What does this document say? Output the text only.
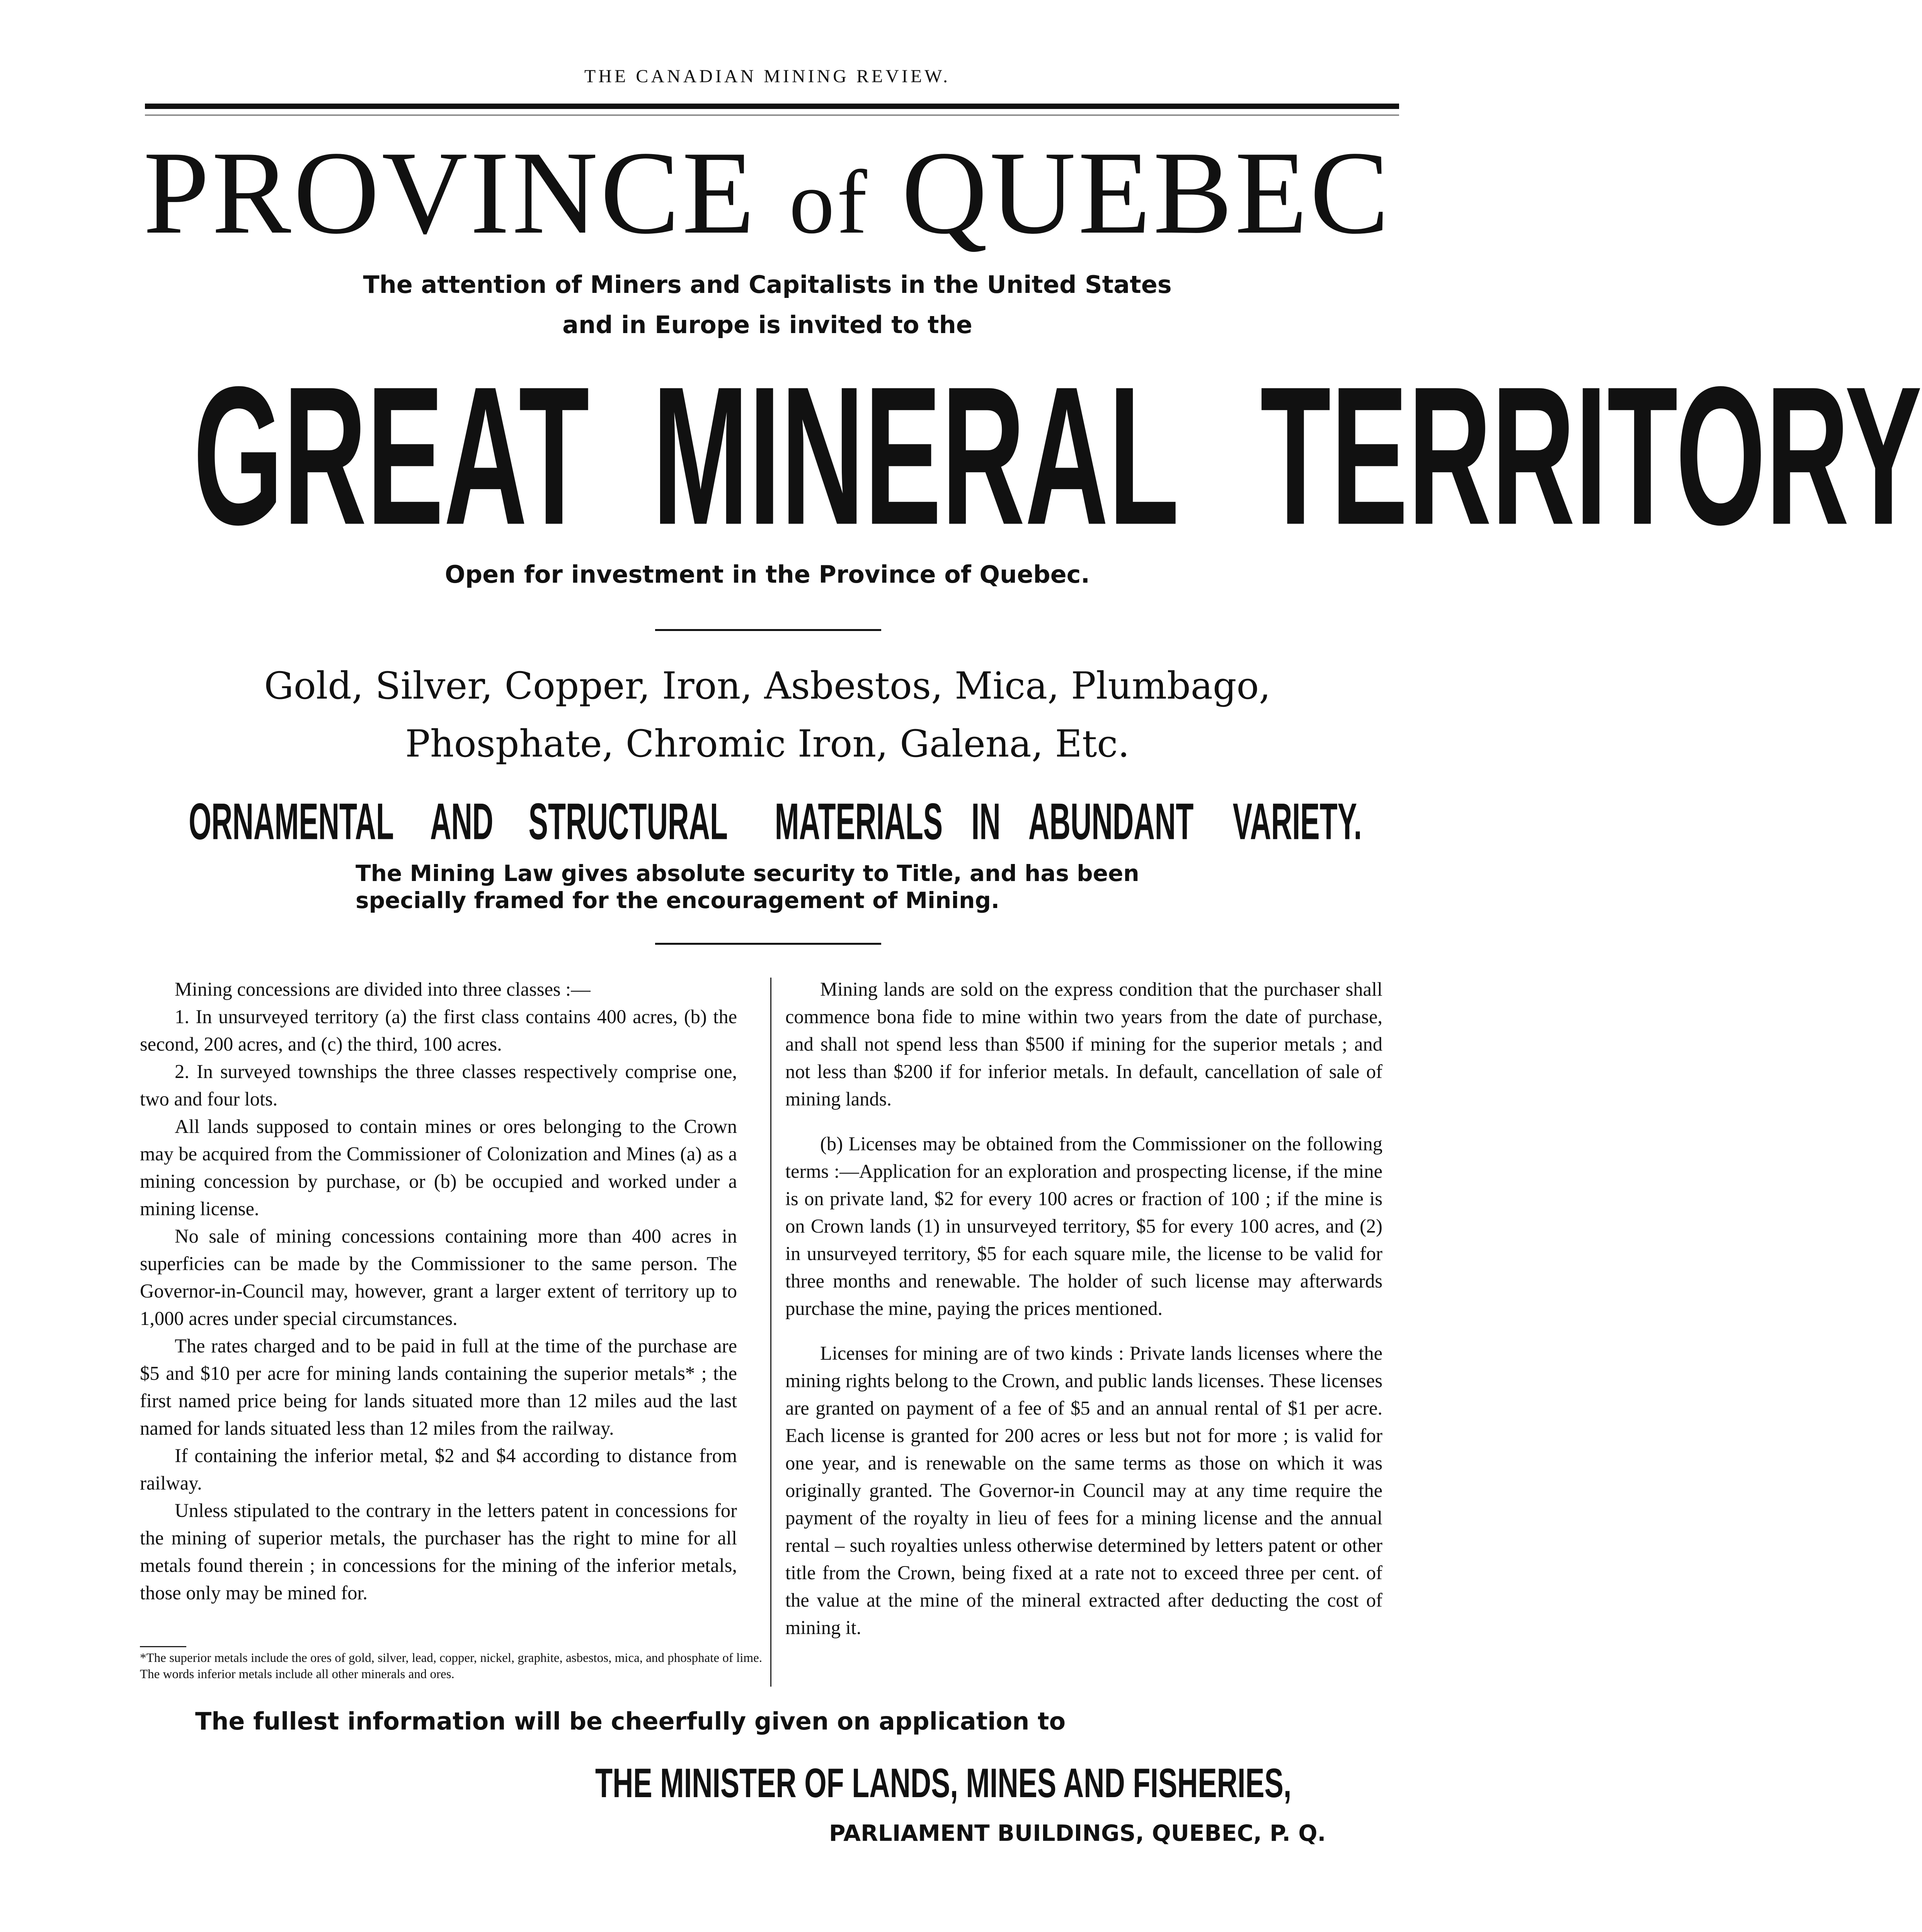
THE CANADIAN MINING REVIEW.
PROVINCE of QUEBEC
The attention of Miners and Capitalists in the United States
and in Europe is invited to the
GREAT MINERAL TERRITORY
Open for investment in the Province of Quebec.
Gold, Silver, Copper, Iron, Asbestos, Mica, Plumbago,
Phosphate, Chromic Iron, Galena, Etc.
ORNAMENTAL AND STRUCTURAL MATERIALS IN ABUNDANT VARIETY.
The Mining Law gives absolute security to Title, and has been
specially framed for the encouragement of Mining.

Mining concessions are divided into three classes :—

1. In unsurveyed territory (a) the first class contains 400 acres, (b) the second, 200 acres, and (c) the third, 100 acres.

2. In surveyed townships the three classes respectively comprise one, two and four lots.

All lands supposed to contain mines or ores belonging to the Crown may be acquired from the Commissioner of Colonization and Mines (a) as a mining concession by purchase, or (b) be occupied and worked under a mining license.

No sale of mining concessions containing more than 400 acres in superficies can be made by the Commissioner to the same person. The Governor-in-Council may, however, grant a larger extent of territory up to 1,000 acres under special circumstances.

The rates charged and to be paid in full at the time of the purchase are $5 and $10 per acre for mining lands containing the superior metals* ; the first named price being for lands situated more than 12 miles aud the last named for lands situated less than 12 miles from the railway.

If containing the inferior metal, $2 and $4 according to distance from railway.

Unless stipulated to the contrary in the letters patent in concessions for the mining of superior metals, the purchaser has the right to mine for all metals found therein ; in concessions for the mining of the inferior metals, those only may be mined for.

Mining lands are sold on the express condition that the purchaser shall commence bona fide to mine within two years from the date of purchase, and shall not spend less than $500 if mining for the superior metals ; and not less than $200 if for inferior metals. In default, cancellation of sale of mining lands.

(b) Licenses may be obtained from the Commissioner on the following terms :—Application for an exploration and prospecting license, if the mine is on private land, $2 for every 100 acres or fraction of 100 ; if the mine is on Crown lands (1) in unsurveyed territory, $5 for every 100 acres, and (2) in unsurveyed territory, $5 for each square mile, the license to be valid for three months and renewable. The holder of such license may afterwards purchase the mine, paying the prices mentioned.

Licenses for mining are of two kinds : Private lands licenses where the mining rights belong to the Crown, and public lands licenses. These licenses are granted on payment of a fee of $5 and an annual rental of $1 per acre. Each license is granted for 200 acres or less but not for more ; is valid for one year, and is renewable on the same terms as those on which it was originally granted. The Governor-in Council may at any time require the payment of the royalty in lieu of fees for a mining license and the annual rental – such royalties unless otherwise determined by letters patent or other title from the Crown, being fixed at a rate not to exceed three per cent. of the value at the mine of the mineral extracted after deducting the cost of mining it.

*The superior metals include the ores of gold, silver, lead, copper, nickel, graphite, asbestos, mica, and phosphate of lime. The words inferior metals include all other minerals and ores.
The fullest information will be cheerfully given on application to
THE MINISTER OF LANDS, MINES AND FISHERIES,
PARLIAMENT BUILDINGS, QUEBEC, P. Q.
